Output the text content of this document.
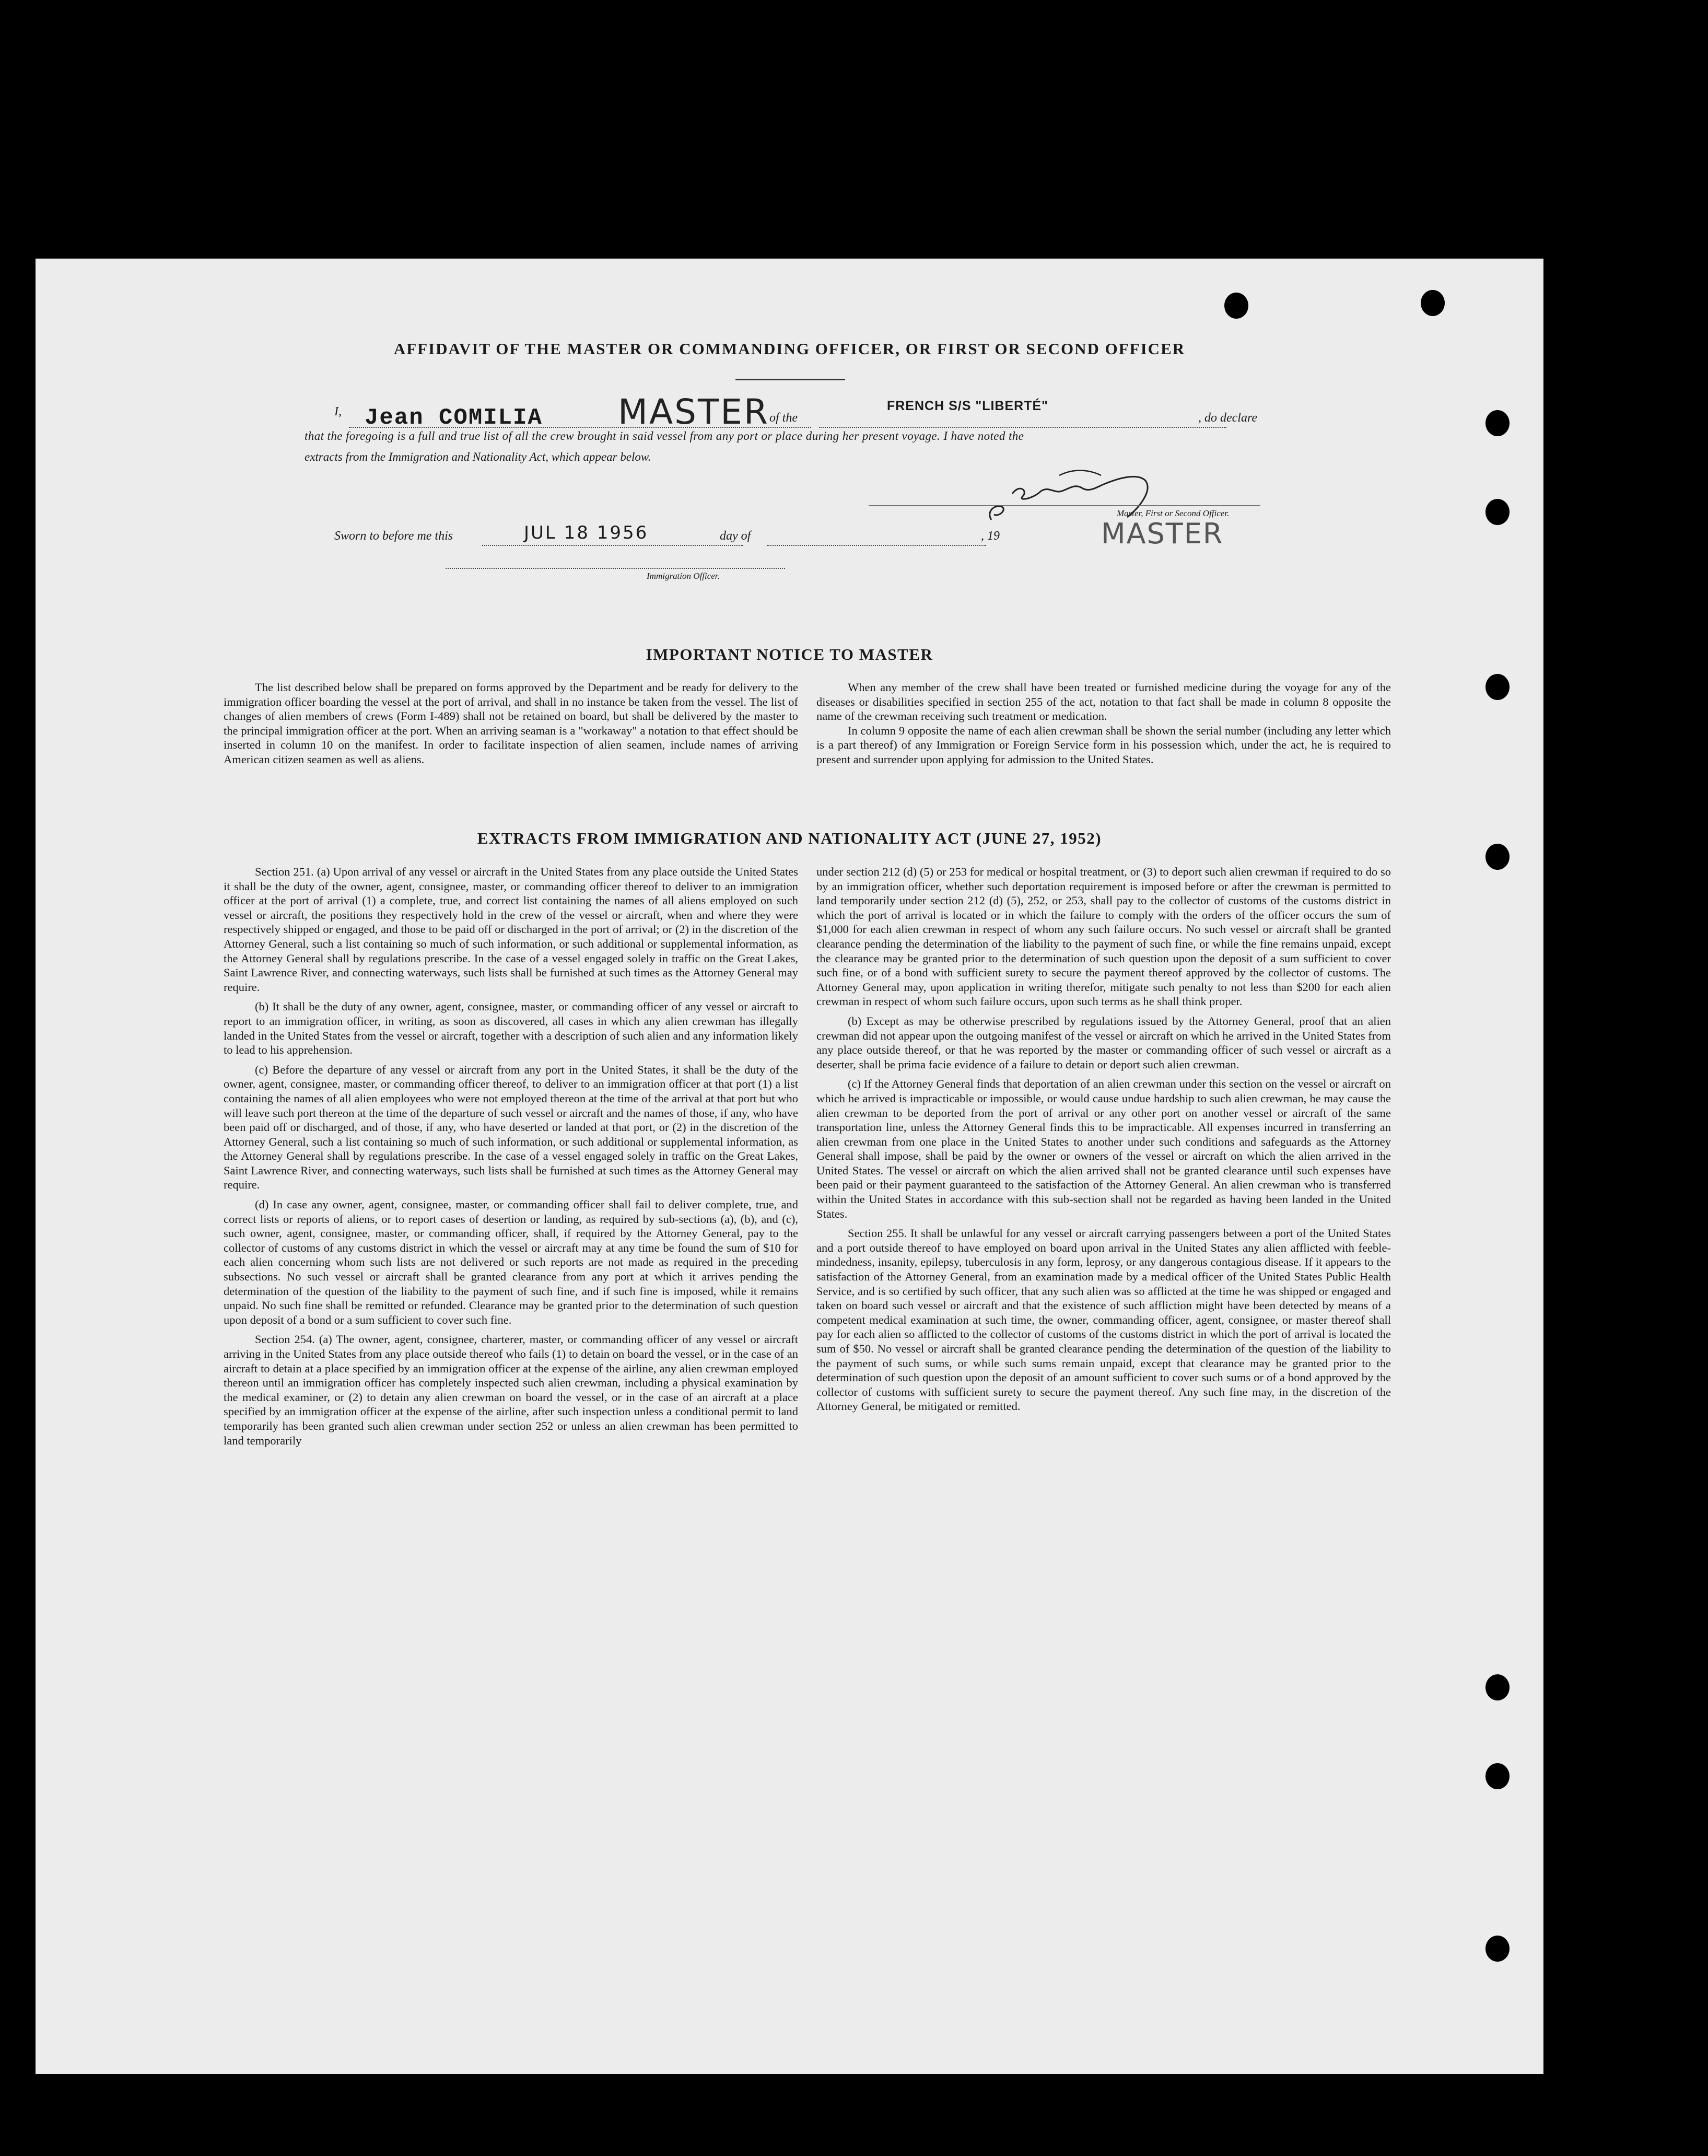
AFFIDAVIT OF THE MASTER OR COMMANDING OFFICER, OR FIRST OR SECOND OFFICER
I, Jean COMILIA MASTER of the
FRENCH S/S "LIBERTÉ"
, do declare
that the foregoing is a full and true list of all the crew brought in said vessel from any port or place during her present voyage. I have noted the
extracts from the Immigration and Nationality Act, which appear below.
Master, First or Second Officer.
MASTER
Sworn to before me this	JUL 18 1956	day of	, 19
Immigration Officer.
IMPORTANT NOTICE TO MASTER

The list described below shall be prepared on forms approved by the Department and be ready for delivery to the immigration officer boarding the vessel at the port of arrival, and shall in no instance be taken from the vessel. The list of changes of alien members of crews (Form I-489) shall not be retained on board, but shall be delivered by the master to the principal immigration officer at the port. When an arriving seaman is a "workaway" a notation to that effect should be inserted in column 10 on the manifest. In order to facilitate inspection of alien seamen, include names of arriving American citizen seamen as well as aliens.

When any member of the crew shall have been treated or furnished medicine during the voyage for any of the diseases or disabilities specified in section 255 of the act, notation to that fact shall be made in column 8 opposite the name of the crewman receiving such treatment or medication.

In column 9 opposite the name of each alien crewman shall be shown the serial number (including any letter which is a part thereof) of any Immigration or Foreign Service form in his possession which, under the act, he is required to present and surrender upon applying for admission to the United States.

EXTRACTS FROM IMMIGRATION AND NATIONALITY ACT (JUNE 27, 1952)

Section 251. (a) Upon arrival of any vessel or aircraft in the United States from any place outside the United States it shall be the duty of the owner, agent, consignee, master, or commanding officer thereof to deliver to an immigration officer at the port of arrival (1) a complete, true, and correct list containing the names of all aliens employed on such vessel or aircraft, the positions they respectively hold in the crew of the vessel or aircraft, when and where they were respectively shipped or engaged, and those to be paid off or discharged in the port of arrival; or (2) in the discretion of the Attorney General, such a list containing so much of such information, or such additional or supplemental information, as the Attorney General shall by regulations prescribe. In the case of a vessel engaged solely in traffic on the Great Lakes, Saint Lawrence River, and connecting waterways, such lists shall be furnished at such times as the Attorney General may require.

(b) It shall be the duty of any owner, agent, consignee, master, or commanding officer of any vessel or aircraft to report to an immigration officer, in writing, as soon as discovered, all cases in which any alien crewman has illegally landed in the United States from the vessel or aircraft, together with a description of such alien and any information likely to lead to his apprehension.

(c) Before the departure of any vessel or aircraft from any port in the United States, it shall be the duty of the owner, agent, consignee, master, or commanding officer thereof, to deliver to an immigration officer at that port (1) a list containing the names of all alien employees who were not employed thereon at the time of the arrival at that port but who will leave such port thereon at the time of the departure of such vessel or aircraft and the names of those, if any, who have been paid off or discharged, and of those, if any, who have deserted or landed at that port, or (2) in the discretion of the Attorney General, such a list containing so much of such information, or such additional or supplemental information, as the Attorney General shall by regulations prescribe. In the case of a vessel engaged solely in traffic on the Great Lakes, Saint Lawrence River, and connecting waterways, such lists shall be furnished at such times as the Attorney General may require.

(d) In case any owner, agent, consignee, master, or commanding officer shall fail to deliver complete, true, and correct lists or reports of aliens, or to report cases of desertion or landing, as required by sub-sections (a), (b), and (c), such owner, agent, consignee, master, or commanding officer, shall, if required by the Attorney General, pay to the collector of customs of any customs district in which the vessel or aircraft may at any time be found the sum of $10 for each alien concerning whom such lists are not delivered or such reports are not made as required in the preceding subsections. No such vessel or aircraft shall be granted clearance from any port at which it arrives pending the determination of the question of the liability to the payment of such fine, and if such fine is imposed, while it remains unpaid. No such fine shall be remitted or refunded. Clearance may be granted prior to the determination of such question upon deposit of a bond or a sum sufficient to cover such fine.

Section 254. (a) The owner, agent, consignee, charterer, master, or commanding officer of any vessel or aircraft arriving in the United States from any place outside thereof who fails (1) to detain on board the vessel, or in the case of an aircraft to detain at a place specified by an immigration officer at the expense of the airline, any alien crewman employed thereon until an immigration officer has completely inspected such alien crewman, including a physical examination by the medical examiner, or (2) to detain any alien crewman on board the vessel, or in the case of an aircraft at a place specified by an immigration officer at the expense of the airline, after such inspection unless a conditional permit to land temporarily has been granted such alien crewman under section 252 or unless an alien crewman has been permitted to land temporarily

under section 212 (d) (5) or 253 for medical or hospital treatment, or (3) to deport such alien crewman if required to do so by an immigration officer, whether such deportation requirement is imposed before or after the crewman is permitted to land temporarily under section 212 (d) (5), 252, or 253, shall pay to the collector of customs of the customs district in which the port of arrival is located or in which the failure to comply with the orders of the officer occurs the sum of $1,000 for each alien crewman in respect of whom any such failure occurs. No such vessel or aircraft shall be granted clearance pending the determination of the liability to the payment of such fine, or while the fine remains unpaid, except the clearance may be granted prior to the determination of such question upon the deposit of a sum sufficient to cover such fine, or of a bond with sufficient surety to secure the payment thereof approved by the collector of customs. The Attorney General may, upon application in writing therefor, mitigate such penalty to not less than $200 for each alien crewman in respect of whom such failure occurs, upon such terms as he shall think proper.

(b) Except as may be otherwise prescribed by regulations issued by the Attorney General, proof that an alien crewman did not appear upon the outgoing manifest of the vessel or aircraft on which he arrived in the United States from any place outside thereof, or that he was reported by the master or commanding officer of such vessel or aircraft as a deserter, shall be prima facie evidence of a failure to detain or deport such alien crewman.

(c) If the Attorney General finds that deportation of an alien crewman under this section on the vessel or aircraft on which he arrived is impracticable or impossible, or would cause undue hardship to such alien crewman, he may cause the alien crewman to be deported from the port of arrival or any other port on another vessel or aircraft of the same transportation line, unless the Attorney General finds this to be impracticable. All expenses incurred in transferring an alien crewman from one place in the United States to another under such conditions and safeguards as the Attorney General shall impose, shall be paid by the owner or owners of the vessel or aircraft on which the alien arrived in the United States. The vessel or aircraft on which the alien arrived shall not be granted clearance until such expenses have been paid or their payment guaranteed to the satisfaction of the Attorney General. An alien crewman who is transferred within the United States in accordance with this sub-section shall not be regarded as having been landed in the United States.

Section 255. It shall be unlawful for any vessel or aircraft carrying passengers between a port of the United States and a port outside thereof to have employed on board upon arrival in the United States any alien afflicted with feeble-mindedness, insanity, epilepsy, tuberculosis in any form, leprosy, or any dangerous contagious disease. If it appears to the satisfaction of the Attorney General, from an examination made by a medical officer of the United States Public Health Service, and is so certified by such officer, that any such alien was so afflicted at the time he was shipped or engaged and taken on board such vessel or aircraft and that the existence of such affliction might have been detected by means of a competent medical examination at such time, the owner, commanding officer, agent, consignee, or master thereof shall pay for each alien so afflicted to the collector of customs of the customs district in which the port of arrival is located the sum of $50. No vessel or aircraft shall be granted clearance pending the determination of the question of the liability to the payment of such sums, or while such sums remain unpaid, except that clearance may be granted prior to the determination of such question upon the deposit of an amount sufficient to cover such sums or of a bond approved by the collector of customs with sufficient surety to secure the payment thereof. Any such fine may, in the discretion of the Attorney General, be mitigated or remitted.
